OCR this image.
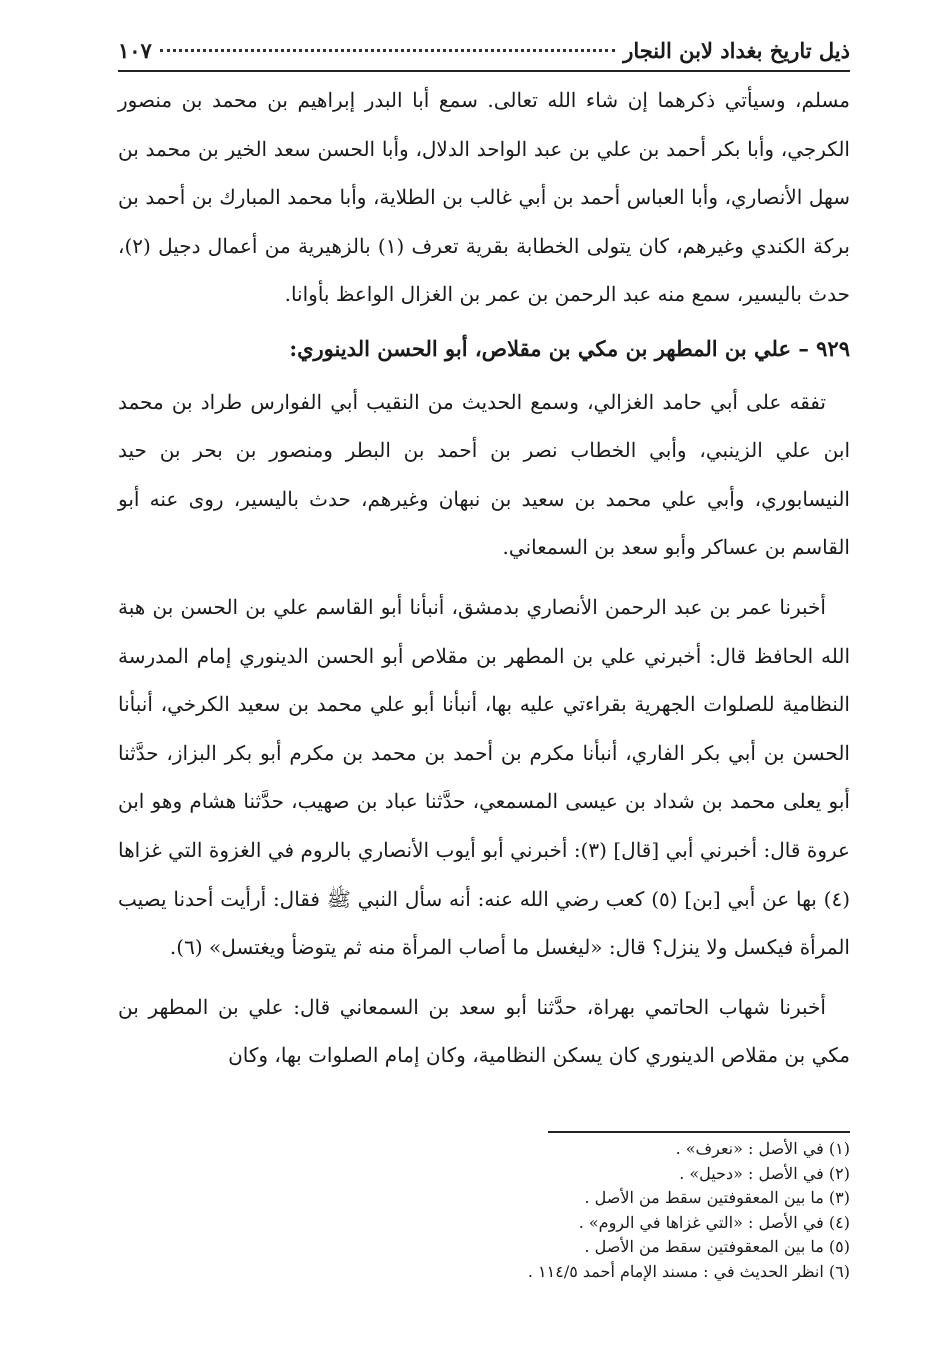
ذيل تاريخ بغداد لابن النجار
١٠٧

مسلم، وسيأتي ذكرهما إن شاء الله تعالى. سمع أبا البدر إبراهيم بن محمد بن منصور الكرجي، وأبا بكر أحمد بن علي بن عبد الواحد الدلال، وأبا الحسن سعد الخير بن محمد بن سهل الأنصاري، وأبا العباس أحمد بن أبي غالب بن الطلاية، وأبا محمد المبارك بن أحمد بن بركة الكندي وغيرهم، كان يتولى الخطابة بقرية تعرف (١) بالزهيرية من أعمال دجيل (٢)، حدث باليسير، سمع منه عبد الرحمن بن عمر بن الغزال الواعظ بأوانا.

٩٢٩ – علي بن المطهر بن مكي بن مقلاص، أبو الحسن الدينوري:

تفقه على أبي حامد الغزالي، وسمع الحديث من النقيب أبي الفوارس طراد بن محمد ابن علي الزينبي، وأبي الخطاب نصر بن أحمد بن البطر ومنصور بن بحر بن حيد النيسابوري، وأبي علي محمد بن سعيد بن نبهان وغيرهم، حدث باليسير، روى عنه أبو القاسم بن عساكر وأبو سعد بن السمعاني.

أخبرنا عمر بن عبد الرحمن الأنصاري بدمشق، أنبأنا أبو القاسم علي بن الحسن بن هبة الله الحافظ قال: أخبرني علي بن المطهر بن مقلاص أبو الحسن الدينوري إمام المدرسة النظامية للصلوات الجهرية بقراءتي عليه بها، أنبأنا أبو علي محمد بن سعيد الكرخي، أنبأنا الحسن بن أبي بكر الفاري، أنبأنا مكرم بن أحمد بن محمد بن مكرم أبو بكر البزاز، حدَّثنا أبو يعلى محمد بن شداد بن عيسى المسمعي، حدَّثنا عباد بن صهيب، حدَّثنا هشام وهو ابن عروة قال: أخبرني أبي [قال] (٣): أخبرني أبو أيوب الأنصاري بالروم في الغزوة التي غزاها (٤) بها عن أبي [بن] (٥) كعب رضي الله عنه: أنه سأل النبي ﷺ فقال: أرأيت أحدنا يصيب المرأة فيكسل ولا ينزل؟ قال: «ليغسل ما أصاب المرأة منه ثم يتوضأ ويغتسل» (٦).

أخبرنا شهاب الحاتمي بهراة، حدَّثنا أبو سعد بن السمعاني قال: علي بن المطهر بن مكي بن مقلاص الدينوري كان يسكن النظامية، وكان إمام الصلوات بها، وكان

(١) في الأصل : «نعرف» .
(٢) في الأصل : «دحيل» .
(٣) ما بين المعقوفتين سقط من الأصل .
(٤) في الأصل : «التي غزاها في الروم» .
(٥) ما بين المعقوفتين سقط من الأصل .
(٦) انظر الحديث في : مسند الإمام أحمد ١١٤/٥ .
